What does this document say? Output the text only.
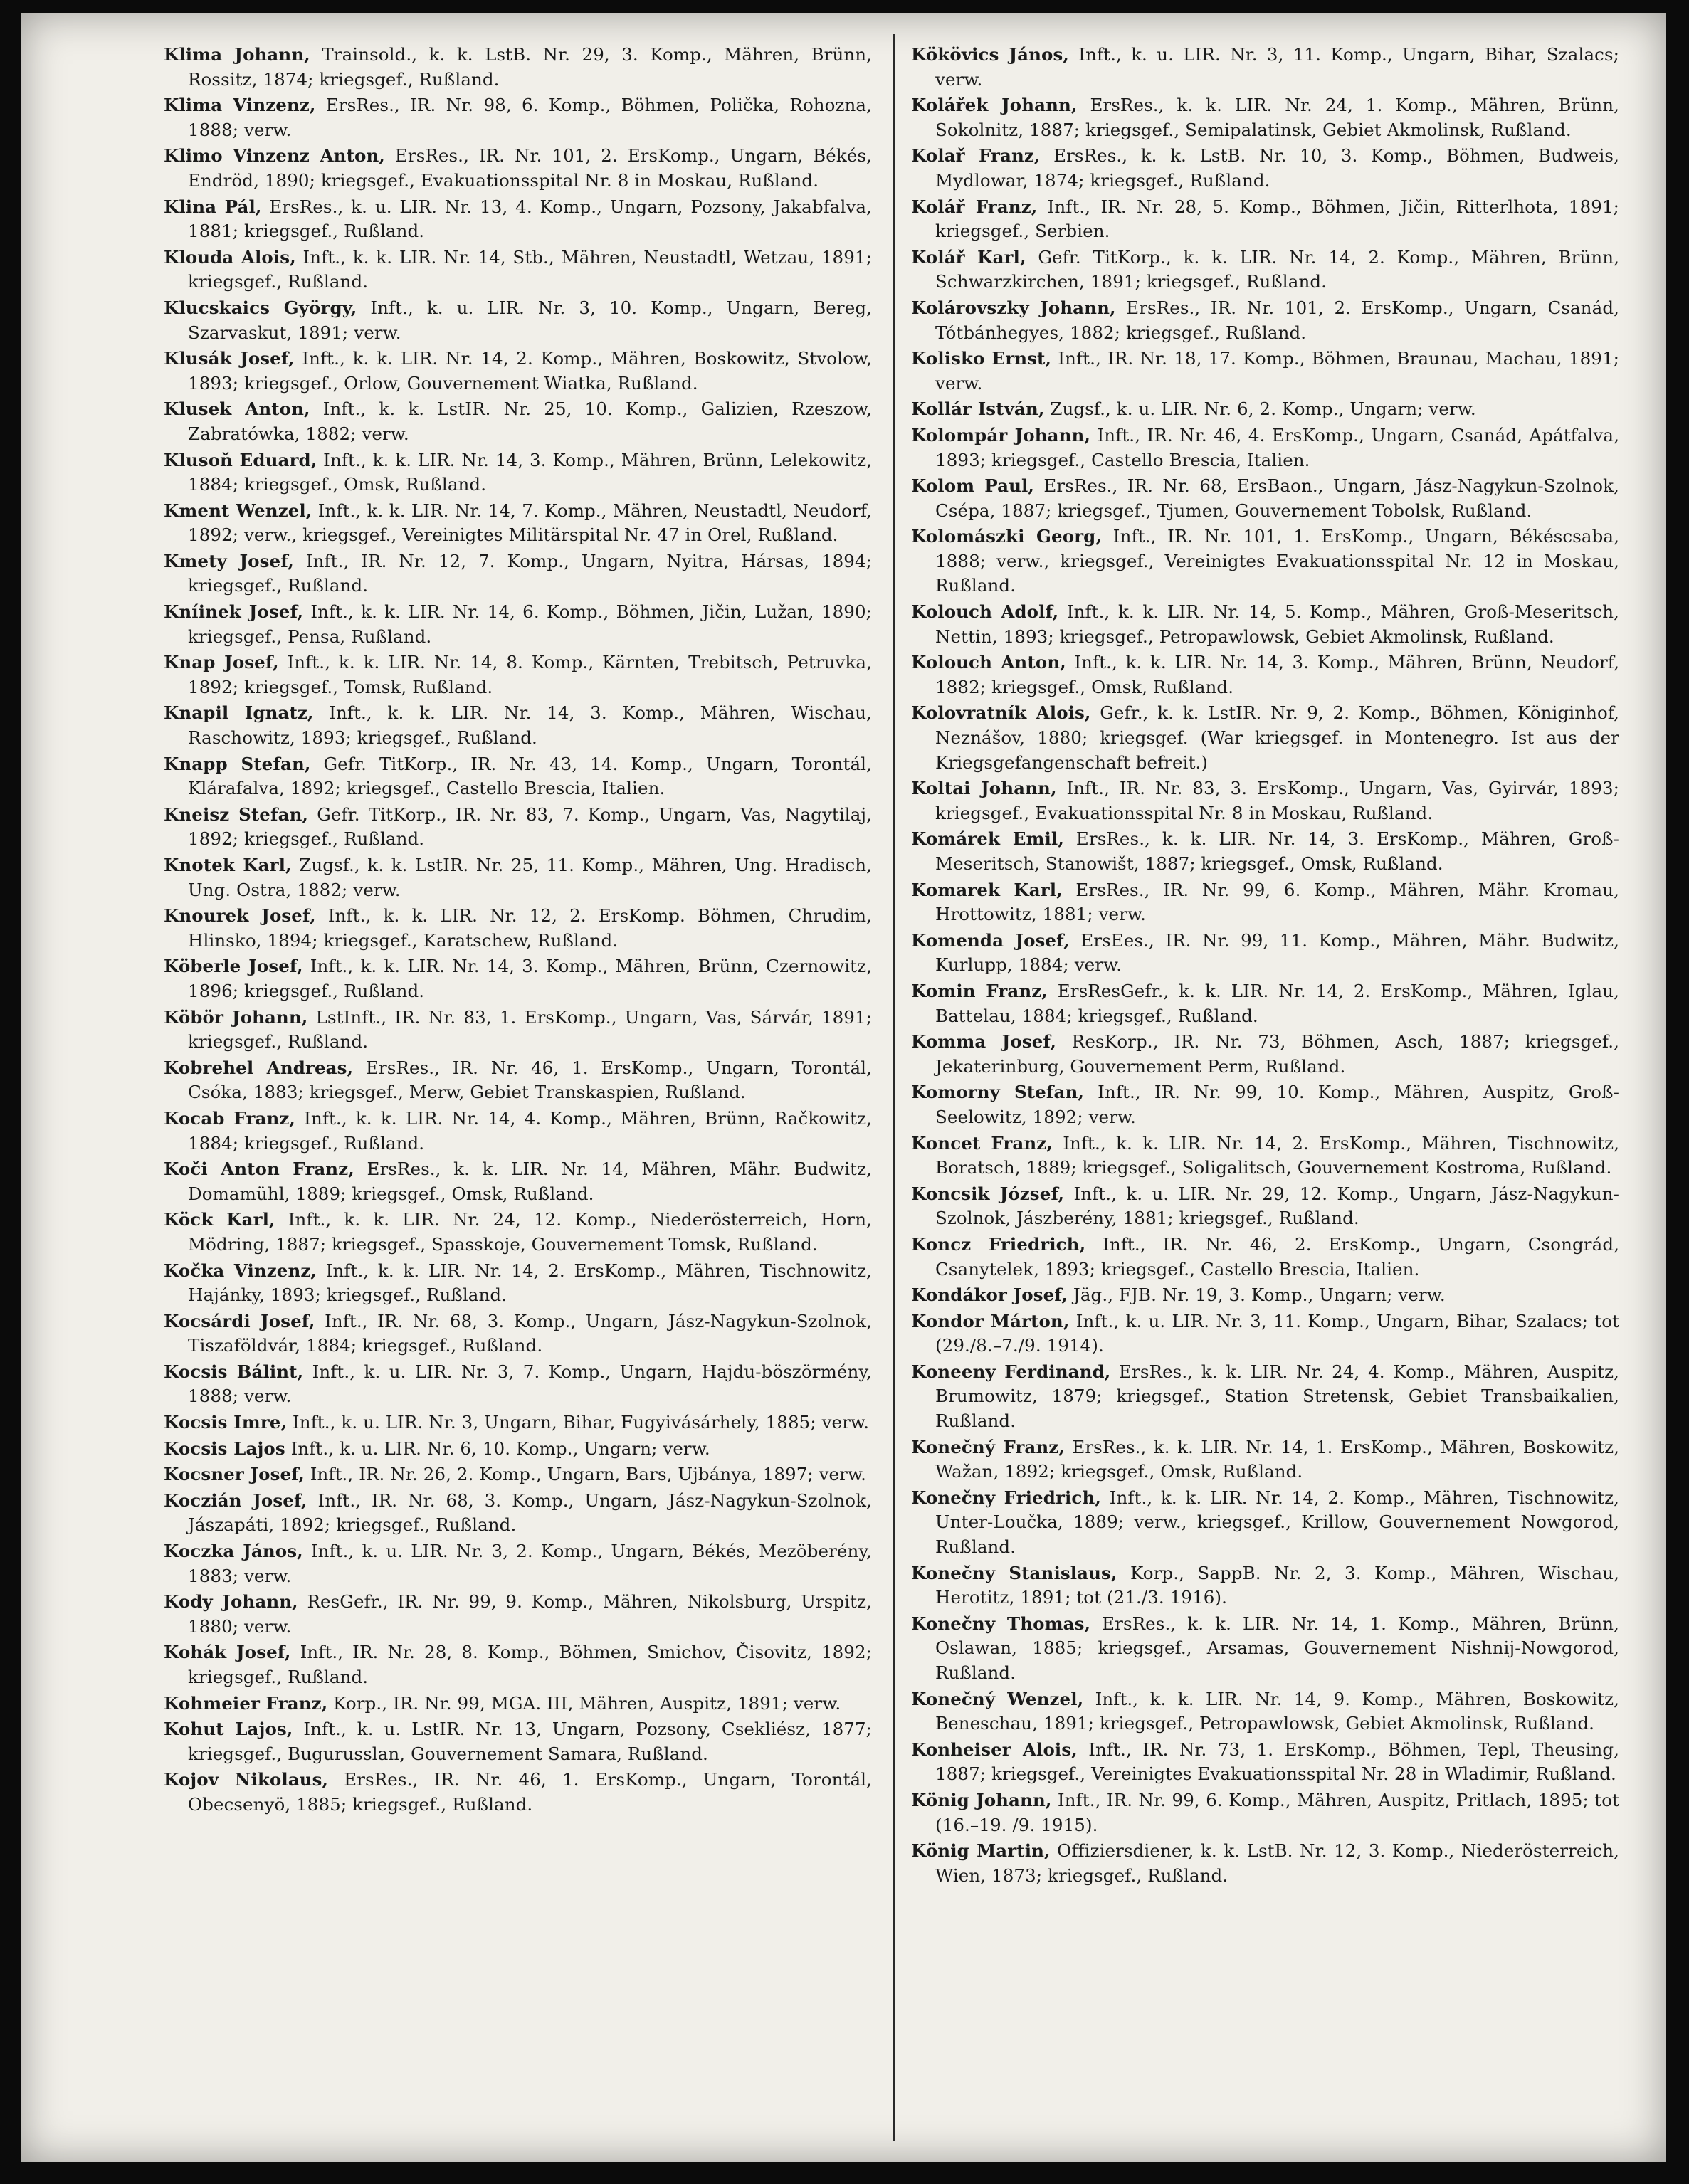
Klima Johann, Trainsold., k. k. LstB. Nr. 29, 3. Komp., Mähren, Brünn, Rossitz, 1874; kriegsgef., Rußland.

Klima Vinzenz, ErsRes., IR. Nr. 98, 6. Komp., Böhmen, Polička, Rohozna, 1888; verw.

Klimo Vinzenz Anton, ErsRes., IR. Nr. 101, 2. ErsKomp., Ungarn, Békés, Endröd, 1890; kriegsgef., Evakuationsspital Nr. 8 in Moskau, Rußland.

Klina Pál, ErsRes., k. u. LIR. Nr. 13, 4. Komp., Ungarn, Pozsony, Jakabfalva, 1881; kriegsgef., Rußland.

Klouda Alois, Inft., k. k. LIR. Nr. 14, Stb., Mähren, Neustadtl, Wetzau, 1891; kriegsgef., Rußland.

Klucskaics György, Inft., k. u. LIR. Nr. 3, 10. Komp., Ungarn, Bereg, Szarvaskut, 1891; verw.

Klusák Josef, Inft., k. k. LIR. Nr. 14, 2. Komp., Mähren, Boskowitz, Stvolow, 1893; kriegsgef., Orlow, Gouvernement Wiatka, Rußland.

Klusek Anton, Inft., k. k. LstIR. Nr. 25, 10. Komp., Galizien, Rzeszow, Zabratówka, 1882; verw.

Klusoň Eduard, Inft., k. k. LIR. Nr. 14, 3. Komp., Mähren, Brünn, Lelekowitz, 1884; kriegsgef., Omsk, Rußland.

Kment Wenzel, Inft., k. k. LIR. Nr. 14, 7. Komp., Mähren, Neustadtl, Neudorf, 1892; verw., kriegsgef., Vereinigtes Militärspital Nr. 47 in Orel, Rußland.

Kmety Josef, Inft., IR. Nr. 12, 7. Komp., Ungarn, Nyitra, Hársas, 1894; kriegsgef., Rußland.

Kníinek Josef, Inft., k. k. LIR. Nr. 14, 6. Komp., Böhmen, Jičin, Lužan, 1890; kriegsgef., Pensa, Rußland.

Knap Josef, Inft., k. k. LIR. Nr. 14, 8. Komp., Kärnten, Trebitsch, Petruvka, 1892; kriegsgef., Tomsk, Rußland.

Knapil Ignatz, Inft., k. k. LIR. Nr. 14, 3. Komp., Mähren, Wischau, Raschowitz, 1893; kriegsgef., Rußland.

Knapp Stefan, Gefr. TitKorp., IR. Nr. 43, 14. Komp., Ungarn, Torontál, Klárafalva, 1892; kriegsgef., Castello Brescia, Italien.

Kneisz Stefan, Gefr. TitKorp., IR. Nr. 83, 7. Komp., Ungarn, Vas, Nagytilaj, 1892; kriegsgef., Rußland.

Knotek Karl, Zugsf., k. k. LstIR. Nr. 25, 11. Komp., Mähren, Ung. Hradisch, Ung. Ostra, 1882; verw.

Knourek Josef, Inft., k. k. LIR. Nr. 12, 2. ErsKomp. Böhmen, Chrudim, Hlinsko, 1894; kriegsgef., Karatschew, Rußland.

Köberle Josef, Inft., k. k. LIR. Nr. 14, 3. Komp., Mähren, Brünn, Czernowitz, 1896; kriegsgef., Rußland.

Köbör Johann, LstInft., IR. Nr. 83, 1. ErsKomp., Ungarn, Vas, Sárvár, 1891; kriegsgef., Rußland.

Kobrehel Andreas, ErsRes., IR. Nr. 46, 1. ErsKomp., Ungarn, Torontál, Csóka, 1883; kriegsgef., Merw, Gebiet Transkaspien, Rußland.

Kocab Franz, Inft., k. k. LIR. Nr. 14, 4. Komp., Mähren, Brünn, Račkowitz, 1884; kriegsgef., Rußland.

Koči Anton Franz, ErsRes., k. k. LIR. Nr. 14, Mähren, Mähr. Budwitz, Domamühl, 1889; kriegsgef., Omsk, Rußland.

Köck Karl, Inft., k. k. LIR. Nr. 24, 12. Komp., Niederösterreich, Horn, Mödring, 1887; kriegsgef., Spasskoje, Gouvernement Tomsk, Rußland.

Kočka Vinzenz, Inft., k. k. LIR. Nr. 14, 2. ErsKomp., Mähren, Tischnowitz, Hajánky, 1893; kriegsgef., Rußland.

Kocsárdi Josef, Inft., IR. Nr. 68, 3. Komp., Ungarn, Jász-Nagykun-Szolnok, Tiszaföldvár, 1884; kriegsgef., Rußland.

Kocsis Bálint, Inft., k. u. LIR. Nr. 3, 7. Komp., Ungarn, Hajdu-böszörmény, 1888; verw.

Kocsis Imre, Inft., k. u. LIR. Nr. 3, Ungarn, Bihar, Fugyivásárhely, 1885; verw.

Kocsis Lajos Inft., k. u. LIR. Nr. 6, 10. Komp., Ungarn; verw.

Kocsner Josef, Inft., IR. Nr. 26, 2. Komp., Ungarn, Bars, Ujbánya, 1897; verw.

Koczián Josef, Inft., IR. Nr. 68, 3. Komp., Ungarn, Jász-Nagykun-Szolnok, Jászapáti, 1892; kriegsgef., Rußland.

Koczka János, Inft., k. u. LIR. Nr. 3, 2. Komp., Ungarn, Békés, Mezöberény, 1883; verw.

Kody Johann, ResGefr., IR. Nr. 99, 9. Komp., Mähren, Nikolsburg, Urspitz, 1880; verw.

Kohák Josef, Inft., IR. Nr. 28, 8. Komp., Böhmen, Smichov, Čisovitz, 1892; kriegsgef., Rußland.

Kohmeier Franz, Korp., IR. Nr. 99, MGA. III, Mähren, Auspitz, 1891; verw.

Kohut Lajos, Inft., k. u. LstIR. Nr. 13, Ungarn, Pozsony, Csekliész, 1877; kriegsgef., Bugurusslan, Gouvernement Samara, Rußland.

Kojov Nikolaus, ErsRes., IR. Nr. 46, 1. ErsKomp., Ungarn, Torontál, Obecsenyö, 1885; kriegsgef., Rußland.

Kökövics János, Inft., k. u. LIR. Nr. 3, 11. Komp., Ungarn, Bihar, Szalacs; verw.

Kolářek Johann, ErsRes., k. k. LIR. Nr. 24, 1. Komp., Mähren, Brünn, Sokolnitz, 1887; kriegsgef., Semipalatinsk, Gebiet Akmolinsk, Rußland.

Kolař Franz, ErsRes., k. k. LstB. Nr. 10, 3. Komp., Böhmen, Budweis, Mydlowar, 1874; kriegsgef., Rußland.

Kolář Franz, Inft., IR. Nr. 28, 5. Komp., Böhmen, Jičin, Ritterlhota, 1891; kriegsgef., Serbien.

Kolář Karl, Gefr. TitKorp., k. k. LIR. Nr. 14, 2. Komp., Mähren, Brünn, Schwarzkirchen, 1891; kriegsgef., Rußland.

Kolárovszky Johann, ErsRes., IR. Nr. 101, 2. ErsKomp., Ungarn, Csanád, Tótbánhegyes, 1882; kriegsgef., Rußland.

Kolisko Ernst, Inft., IR. Nr. 18, 17. Komp., Böhmen, Braunau, Machau, 1891; verw.

Kollár István, Zugsf., k. u. LIR. Nr. 6, 2. Komp., Ungarn; verw.

Kolompár Johann, Inft., IR. Nr. 46, 4. ErsKomp., Ungarn, Csanád, Apátfalva, 1893; kriegsgef., Castello Brescia, Italien.

Kolom Paul, ErsRes., IR. Nr. 68, ErsBaon., Ungarn, Jász-Nagykun-Szolnok, Csépa, 1887; kriegsgef., Tjumen, Gouvernement Tobolsk, Rußland.

Kolomászki Georg, Inft., IR. Nr. 101, 1. ErsKomp., Ungarn, Békéscsaba, 1888; verw., kriegsgef., Vereinigtes Evakuationsspital Nr. 12 in Moskau, Rußland.

Kolouch Adolf, Inft., k. k. LIR. Nr. 14, 5. Komp., Mähren, Groß-Meseritsch, Nettin, 1893; kriegsgef., Petropawlowsk, Gebiet Akmolinsk, Rußland.

Kolouch Anton, Inft., k. k. LIR. Nr. 14, 3. Komp., Mähren, Brünn, Neudorf, 1882; kriegsgef., Omsk, Rußland.

Kolovratník Alois, Gefr., k. k. LstIR. Nr. 9, 2. Komp., Böhmen, Königinhof, Neznášov, 1880; kriegsgef. (War kriegsgef. in Montenegro. Ist aus der Kriegsgefangenschaft befreit.)

Koltai Johann, Inft., IR. Nr. 83, 3. ErsKomp., Ungarn, Vas, Gyirvár, 1893; kriegsgef., Evakuationsspital Nr. 8 in Moskau, Rußland.

Komárek Emil, ErsRes., k. k. LIR. Nr. 14, 3. ErsKomp., Mähren, Groß-Meseritsch, Stanowišt, 1887; kriegsgef., Omsk, Rußland.

Komarek Karl, ErsRes., IR. Nr. 99, 6. Komp., Mähren, Mähr. Kromau, Hrottowitz, 1881; verw.

Komenda Josef, ErsEes., IR. Nr. 99, 11. Komp., Mähren, Mähr. Budwitz, Kurlupp, 1884; verw.

Komin Franz, ErsResGefr., k. k. LIR. Nr. 14, 2. ErsKomp., Mähren, Iglau, Battelau, 1884; kriegsgef., Rußland.

Komma Josef, ResKorp., IR. Nr. 73, Böhmen, Asch, 1887; kriegsgef., Jekaterinburg, Gouvernement Perm, Rußland.

Komorny Stefan, Inft., IR. Nr. 99, 10. Komp., Mähren, Auspitz, Groß-Seelowitz, 1892; verw.

Koncet Franz, Inft., k. k. LIR. Nr. 14, 2. ErsKomp., Mähren, Tischnowitz, Boratsch, 1889; kriegsgef., Soligalitsch, Gouvernement Kostroma, Rußland.

Koncsik József, Inft., k. u. LIR. Nr. 29, 12. Komp., Ungarn, Jász-Nagykun-Szolnok, Jászberény, 1881; kriegsgef., Rußland.

Koncz Friedrich, Inft., IR. Nr. 46, 2. ErsKomp., Ungarn, Csongrád, Csanytelek, 1893; kriegsgef., Castello Brescia, Italien.

Kondákor Josef, Jäg., FJB. Nr. 19, 3. Komp., Ungarn; verw.

Kondor Márton, Inft., k. u. LIR. Nr. 3, 11. Komp., Ungarn, Bihar, Szalacs; tot (29./8.–7./9. 1914).

Koneeny Ferdinand, ErsRes., k. k. LIR. Nr. 24, 4. Komp., Mähren, Auspitz, Brumowitz, 1879; kriegsgef., Station Stretensk, Gebiet Transbaikalien, Rußland.

Konečný Franz, ErsRes., k. k. LIR. Nr. 14, 1. ErsKomp., Mähren, Boskowitz, Wažan, 1892; kriegsgef., Omsk, Rußland.

Konečny Friedrich, Inft., k. k. LIR. Nr. 14, 2. Komp., Mähren, Tischnowitz, Unter-Loučka, 1889; verw., kriegsgef., Krillow, Gouvernement Nowgorod, Rußland.

Konečny Stanislaus, Korp., SappB. Nr. 2, 3. Komp., Mähren, Wischau, Herotitz, 1891; tot (21./3. 1916).

Konečny Thomas, ErsRes., k. k. LIR. Nr. 14, 1. Komp., Mähren, Brünn, Oslawan, 1885; kriegsgef., Arsamas, Gouvernement Nishnij-Nowgorod, Rußland.

Konečný Wenzel, Inft., k. k. LIR. Nr. 14, 9. Komp., Mähren, Boskowitz, Beneschau, 1891; kriegsgef., Petropawlowsk, Gebiet Akmolinsk, Rußland.

Konheiser Alois, Inft., IR. Nr. 73, 1. ErsKomp., Böhmen, Tepl, Theusing, 1887; kriegsgef., Vereinigtes Evakuationsspital Nr. 28 in Wladimir, Rußland.

König Johann, Inft., IR. Nr. 99, 6. Komp., Mähren, Auspitz, Pritlach, 1895; tot (16.–19. /9. 1915).

König Martin, Offiziersdiener, k. k. LstB. Nr. 12, 3. Komp., Niederösterreich, Wien, 1873; kriegsgef., Rußland.
